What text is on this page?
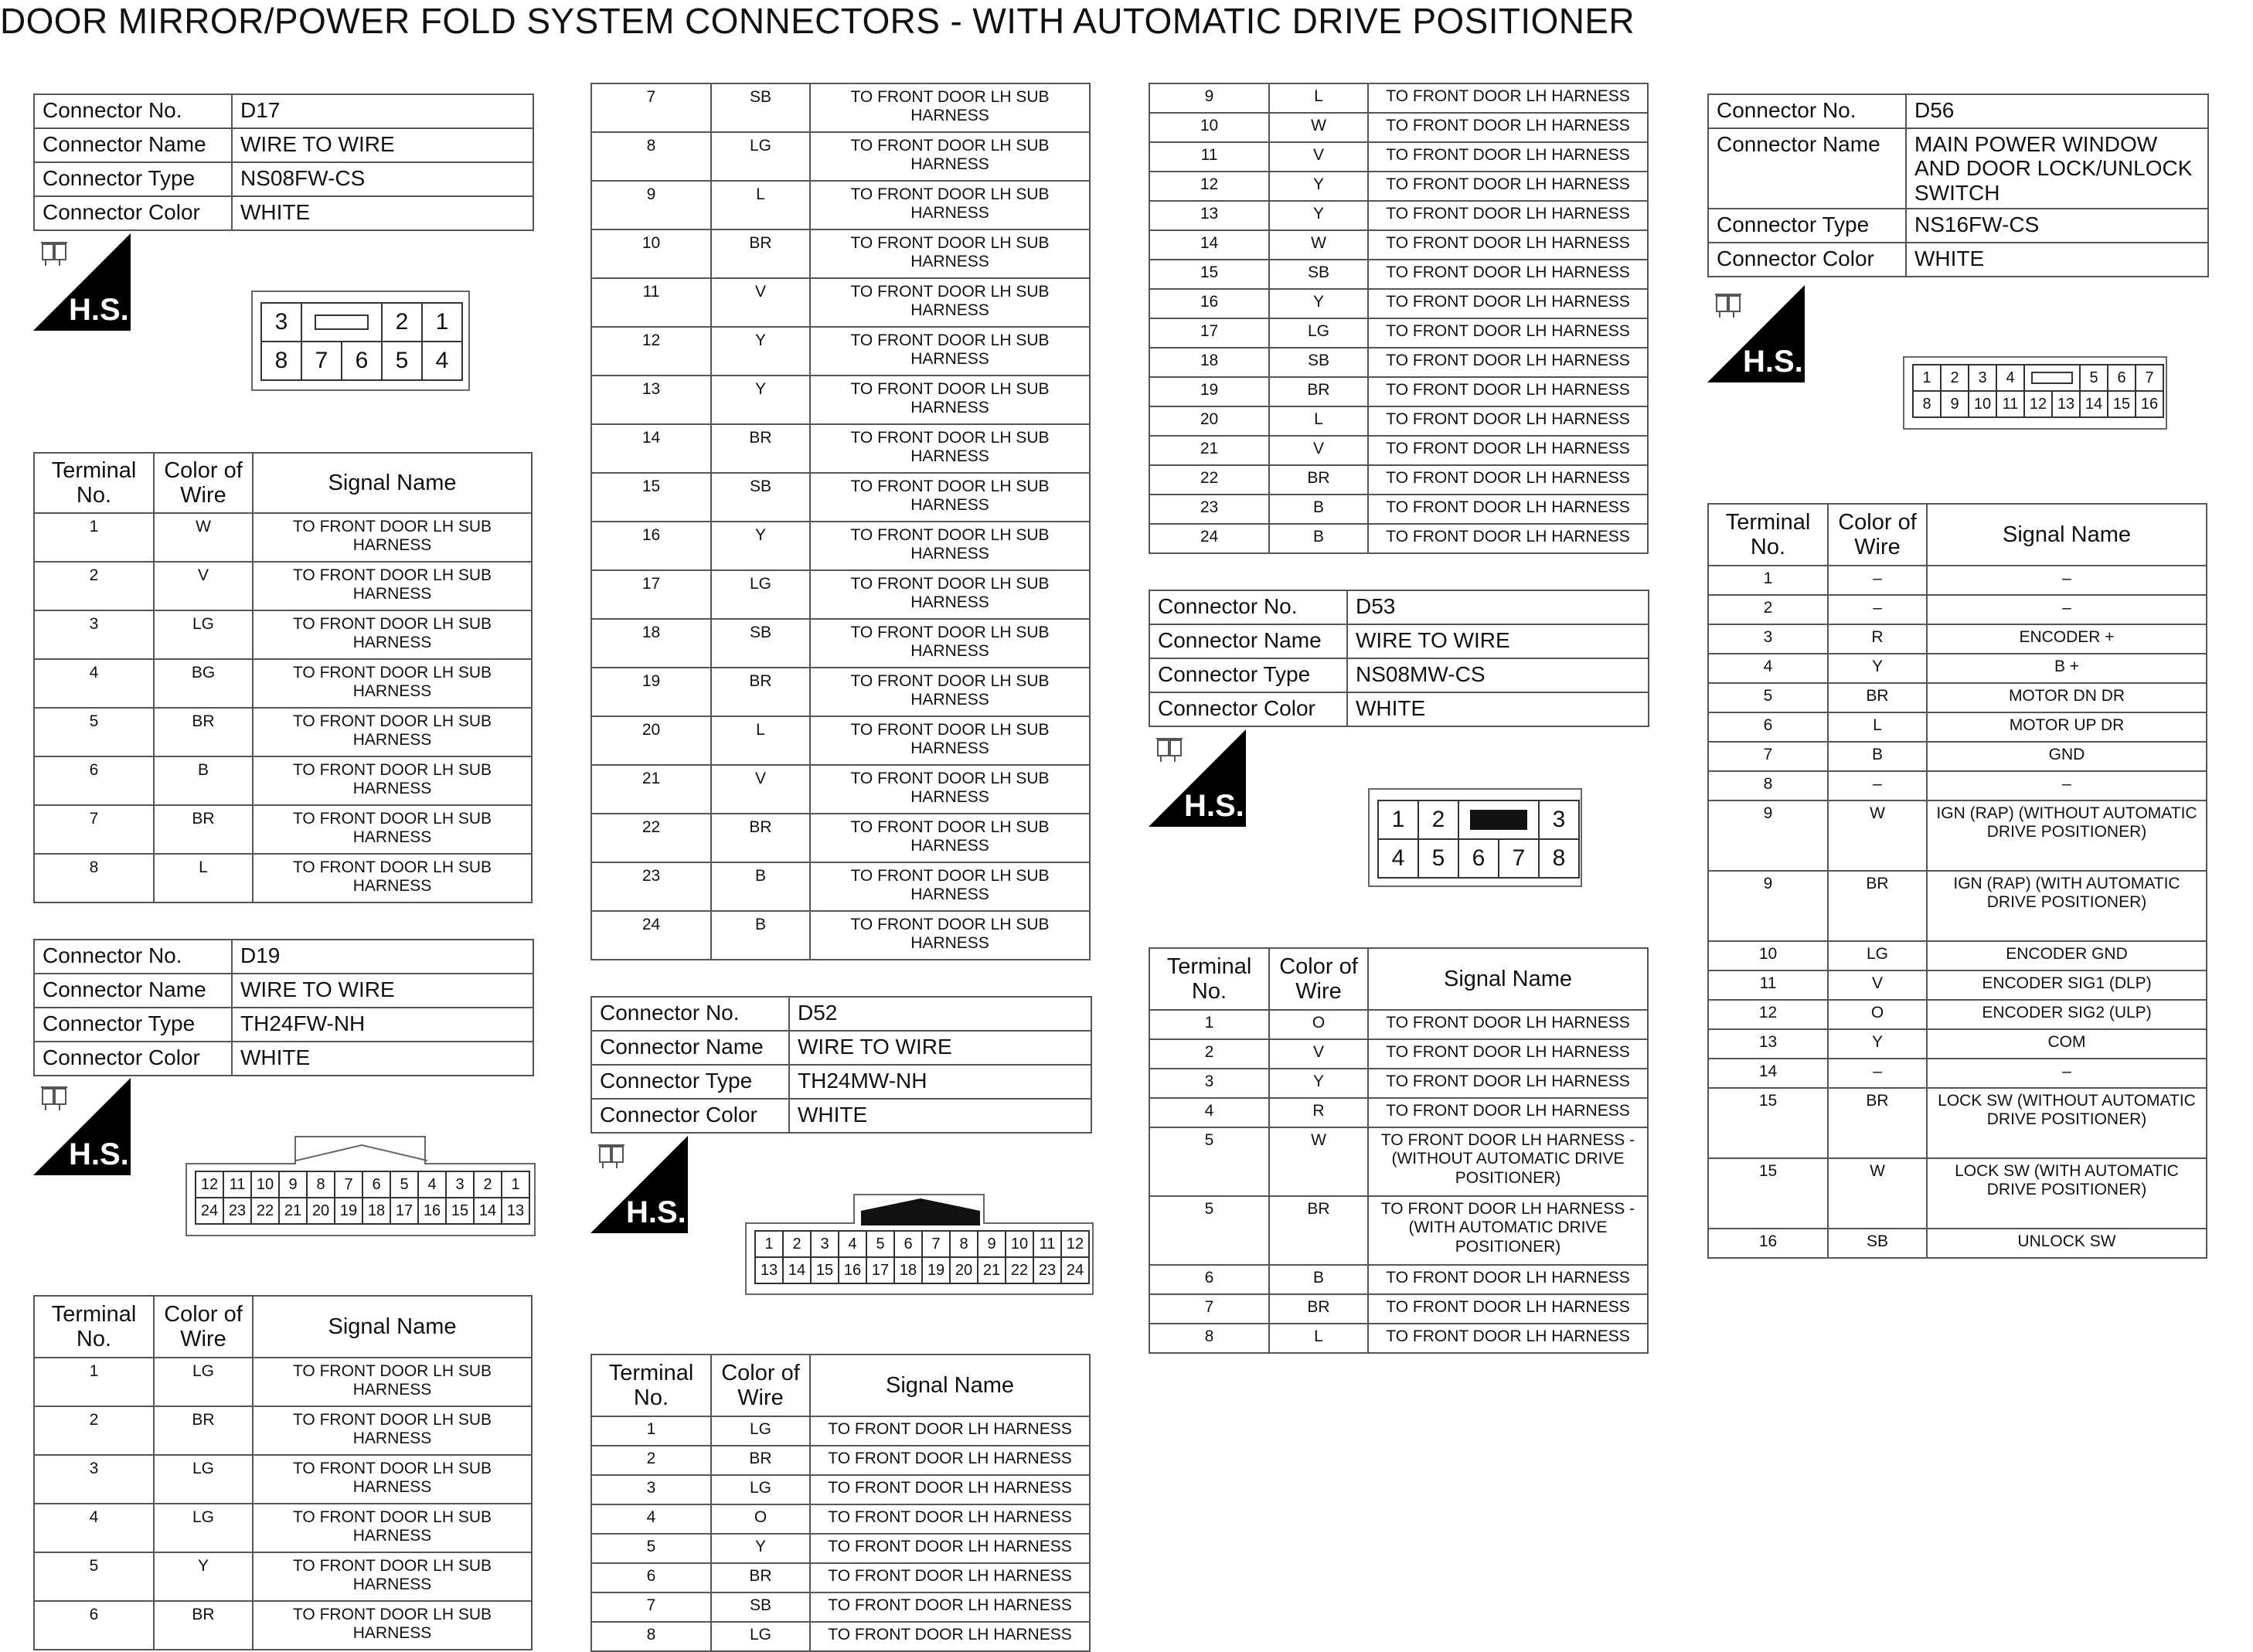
DOOR MIRROR/POWER FOLD SYSTEM CONNECTORS - WITH AUTOMATIC DRIVE POSITIONER
Connector No.	D17
Connector Name	WIRE TO WIRE
Connector Type	NS08FW-CS
Connector Color	WHITE
H.S.	3	2	1
8	7	6	5	4
Terminal No.	Color of Wire	Signal Name
1	W	TO FRONT DOOR LH SUB HARNESS
2	V	TO FRONT DOOR LH SUB HARNESS
3	LG	TO FRONT DOOR LH SUB HARNESS
4	BG	TO FRONT DOOR LH SUB HARNESS
5	BR	TO FRONT DOOR LH SUB HARNESS
6	B	TO FRONT DOOR LH SUB HARNESS
7	BR	TO FRONT DOOR LH SUB HARNESS
8	L	TO FRONT DOOR LH SUB HARNESS
Connector No.	D19
Connector Name	WIRE TO WIRE
Connector Type	TH24FW-NH
Connector Color	WHITE
H.S.
12 11 10 9	8	7	6	5	4	3	2	1
24 23 22 21 20 19 18 17 16 15 14 13
Terminal No.	Color of Wire	Signal Name
1	LG	TO FRONT DOOR LH SUB HARNESS
2	BR	TO FRONT DOOR LH SUB HARNESS
3	LG	TO FRONT DOOR LH SUB HARNESS
4	LG	TO FRONT DOOR LH SUB HARNESS
5	Y	TO FRONT DOOR LH SUB HARNESS
6	BR	TO FRONT DOOR LH SUB HARNESS
7	SB	TO FRONT DOOR LH SUB HARNESS
8	LG	TO FRONT DOOR LH SUB HARNESS
9	L	TO FRONT DOOR LH SUB HARNESS
10	BR	TO FRONT DOOR LH SUB HARNESS
11	V	TO FRONT DOOR LH SUB HARNESS
12	Y	TO FRONT DOOR LH SUB HARNESS
13	Y	TO FRONT DOOR LH SUB HARNESS
14	BR	TO FRONT DOOR LH SUB HARNESS
15	SB	TO FRONT DOOR LH SUB HARNESS
16	Y	TO FRONT DOOR LH SUB HARNESS
17	LG	TO FRONT DOOR LH SUB HARNESS
18	SB	TO FRONT DOOR LH SUB HARNESS
19	BR	TO FRONT DOOR LH SUB HARNESS
20	L	TO FRONT DOOR LH SUB HARNESS
21	V	TO FRONT DOOR LH SUB HARNESS
22	BR	TO FRONT DOOR LH SUB HARNESS
23	B	TO FRONT DOOR LH SUB HARNESS
24	B	TO FRONT DOOR LH SUB HARNESS
Connector No.	D52
Connector Name	WIRE TO WIRE
Connector Type	TH24MW-NH
Connector Color	WHITE
H.S.
1	2	3	4	5	6	7	8	9 10 11 12
13 14 15 16 17 18 19 20 21 22 23 24
Terminal No.	Color of Wire	Signal Name
1	LG	TO FRONT DOOR LH HARNESS
2	BR	TO FRONT DOOR LH HARNESS
3	LG	TO FRONT DOOR LH HARNESS
4	O	TO FRONT DOOR LH HARNESS
5	Y	TO FRONT DOOR LH HARNESS
6	BR	TO FRONT DOOR LH HARNESS
7	SB	TO FRONT DOOR LH HARNESS
8	LG	TO FRONT DOOR LH HARNESS
9	L	TO FRONT DOOR LH HARNESS
10	W	TO FRONT DOOR LH HARNESS
11	V	TO FRONT DOOR LH HARNESS
12	Y	TO FRONT DOOR LH HARNESS
13	Y	TO FRONT DOOR LH HARNESS
14	W	TO FRONT DOOR LH HARNESS
15	SB	TO FRONT DOOR LH HARNESS
16	Y	TO FRONT DOOR LH HARNESS
17	LG	TO FRONT DOOR LH HARNESS
18	SB	TO FRONT DOOR LH HARNESS
19	BR	TO FRONT DOOR LH HARNESS
20	L	TO FRONT DOOR LH HARNESS
21	V	TO FRONT DOOR LH HARNESS
22	BR	TO FRONT DOOR LH HARNESS
23	B	TO FRONT DOOR LH HARNESS
24	B	TO FRONT DOOR LH HARNESS
Connector No.	D53
Connector Name	WIRE TO WIRE
Connector Type	NS08MW-CS
Connector Color	WHITE
H.S.	1	2	3
4	5	6	7	8
Terminal No.	Color of Wire	Signal Name
1	O	TO FRONT DOOR LH HARNESS
2	V	TO FRONT DOOR LH HARNESS
3	Y	TO FRONT DOOR LH HARNESS
4	R	TO FRONT DOOR LH HARNESS
5	W	TO FRONT DOOR LH HARNESS - (WITHOUT AUTOMATIC DRIVE POSITIONER)
5	BR	TO FRONT DOOR LH HARNESS - (WITH AUTOMATIC DRIVE POSITIONER)
6	B	TO FRONT DOOR LH HARNESS
7	BR	TO FRONT DOOR LH HARNESS
8	L	TO FRONT DOOR LH HARNESS
Connector No.	D56
Connector Name	MAIN POWER WINDOW AND DOOR LOCK/UNLOCK SWITCH
Connector Type	NS16FW-CS
Connector Color	WHITE
H.S.	1	2	3	4	5	6	7
8	9 10 11 12 13 14 15 16
Terminal No.	Color of Wire	Signal Name
1	–	–
2	–	–
3	R	ENCODER +
4	Y	B +
5	BR	MOTOR DN DR
6	L	MOTOR UP DR
7	B	GND
8	–	–
9	W	IGN (RAP) (WITHOUT AUTOMATIC DRIVE POSITIONER)
9	BR	IGN (RAP) (WITH AUTOMATIC DRIVE POSITIONER)
10	LG	ENCODER GND
11	V	ENCODER SIG1 (DLP)
12	O	ENCODER SIG2 (ULP)
13	Y	COM
14	–	–
15	BR	LOCK SW (WITHOUT AUTOMATIC DRIVE POSITIONER)
15	W	LOCK SW (WITH AUTOMATIC DRIVE POSITIONER)
16	SB	UNLOCK SW
